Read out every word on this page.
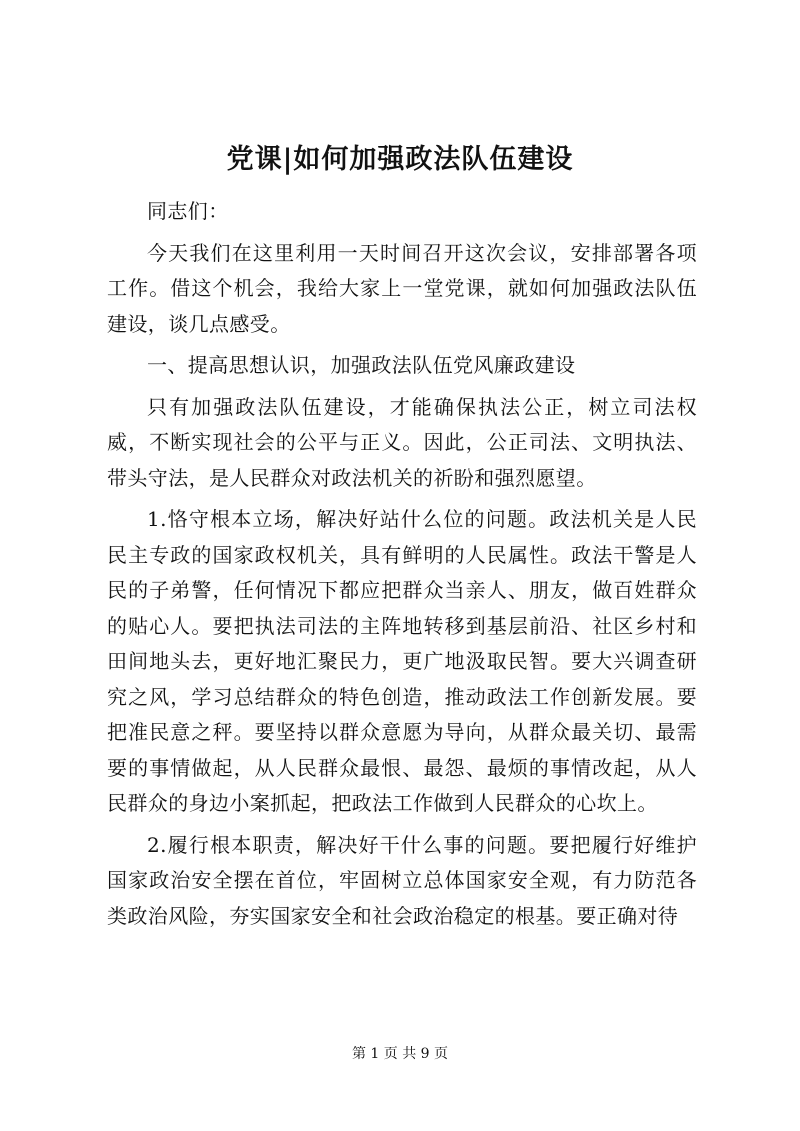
党课|如何加强政法队伍建设

同志们：

今天我们在这里利用一天时间召开这次会议，安排部署各项工作。借这个机会，我给大家上一堂党课，就如何加强政法队伍建设，谈几点感受。

一、提高思想认识，加强政法队伍党风廉政建设

只有加强政法队伍建设，才能确保执法公正，树立司法权威，不断实现社会的公平与正义。因此，公正司法、文明执法、带头守法，是人民群众对政法机关的祈盼和强烈愿望。

1.恪守根本立场，解决好站什么位的问题。政法机关是人民民主专政的国家政权机关，具有鲜明的人民属性。政法干警是人民的子弟警，任何情况下都应把群众当亲人、朋友，做百姓群众的贴心人。要把执法司法的主阵地转移到基层前沿、社区乡村和田间地头去，更好地汇聚民力，更广地汲取民智。要大兴调查研究之风，学习总结群众的特色创造，推动政法工作创新发展。要把准民意之秤。要坚持以群众意愿为导向，从群众最关切、最需要的事情做起，从人民群众最恨、最怨、最烦的事情改起，从人民群众的身边小案抓起，把政法工作做到人民群众的心坎上。

2.履行根本职责，解决好干什么事的问题。要把履行好维护国家政治安全摆在首位，牢固树立总体国家安全观，有力防范各类政治风险，夯实国家安全和社会政治稳定的根基。要正确对待

第 1 页 共 9 页
